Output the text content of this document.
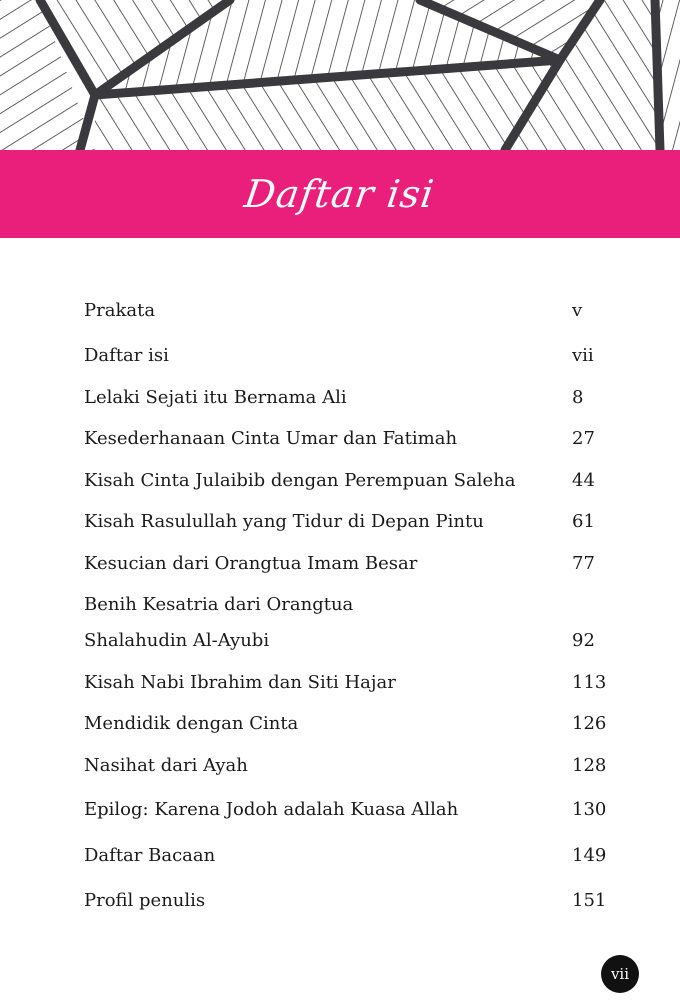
Daftar isi
Prakata	v
Daftar isi	vii
Lelaki Sejati itu Bernama Ali	8
Kesederhanaan Cinta Umar dan Fatimah	27
Kisah Cinta Julaibib dengan Perempuan Saleha	44
Kisah Rasulullah yang Tidur di Depan Pintu	61
Kesucian dari Orangtua Imam Besar	77
Benih Kesatria dari Orangtua
Shalahudin Al-Ayubi	92
Kisah Nabi Ibrahim dan Siti Hajar	113
Mendidik dengan Cinta	126
Nasihat dari Ayah	128
Epilog: Karena Jodoh adalah Kuasa Allah	130
Daftar Bacaan	149
Profil penulis	151
vii
